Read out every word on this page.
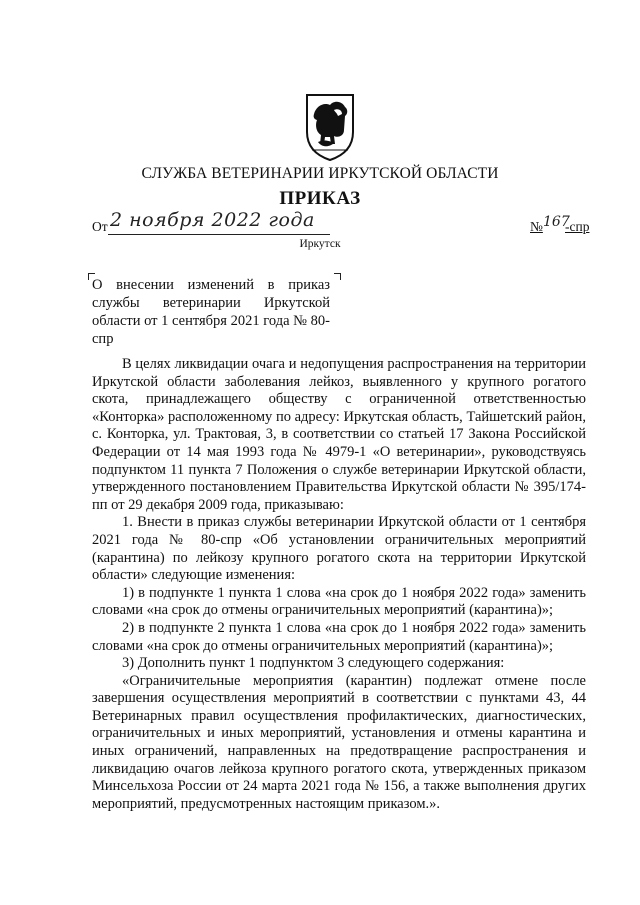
СЛУЖБА ВЕТЕРИНАРИИ ИРКУТСКОЙ ОБЛАСТИ
ПРИКАЗ
От 2 ноября 2022 года	№ 167
-спр
Иркутск
О внесении изменений в приказ службы ветеринарии Иркутской области от 1 сентября 2021 года № 80-спр

В целях ликвидации очага и недопущения распространения на территории Иркутской области заболевания лейкоз, выявленного у крупного рогатого скота, принадлежащего обществу с ограниченной ответственностью «Конторка» расположенному по адресу: Иркутская область, Тайшетский район, с. Конторка, ул. Трактовая, 3, в соответствии со статьей 17 Закона Российской Федерации от 14 мая 1993 года № 4979-1 «О ветеринарии», руководствуясь подпунктом 11 пункта 7 Положения о службе ветеринарии Иркутской области, утвержденного постановлением Правительства Иркутской области № 395/174-пп от 29 декабря 2009 года, приказываю:

1. Внести в приказ службы ветеринарии Иркутской области от 1 сентября 2021 года № 80-спр «Об установлении ограничительных мероприятий (карантина) по лейкозу крупного рогатого скота на территории Иркутской области» следующие изменения:

1) в подпункте 1 пункта 1 слова «на срок до 1 ноября 2022 года» заменить словами «на срок до отмены ограничительных мероприятий (карантина)»;

2) в подпункте 2 пункта 1 слова «на срок до 1 ноября 2022 года» заменить словами «на срок до отмены ограничительных мероприятий (карантина)»;

3) Дополнить пункт 1 подпунктом 3 следующего содержания:

«Ограничительные мероприятия (карантин) подлежат отмене после завершения осуществления мероприятий в соответствии с пунктами 43, 44 Ветеринарных правил осуществления профилактических, диагностических, ограничительных и иных мероприятий, установления и отмены карантина и иных ограничений, направленных на предотвращение распространения и ликвидацию очагов лейкоза крупного рогатого скота, утвержденных приказом Минсельхоза России от 24 марта 2021 года № 156, а также выполнения других мероприятий, предусмотренных настоящим приказом.».
